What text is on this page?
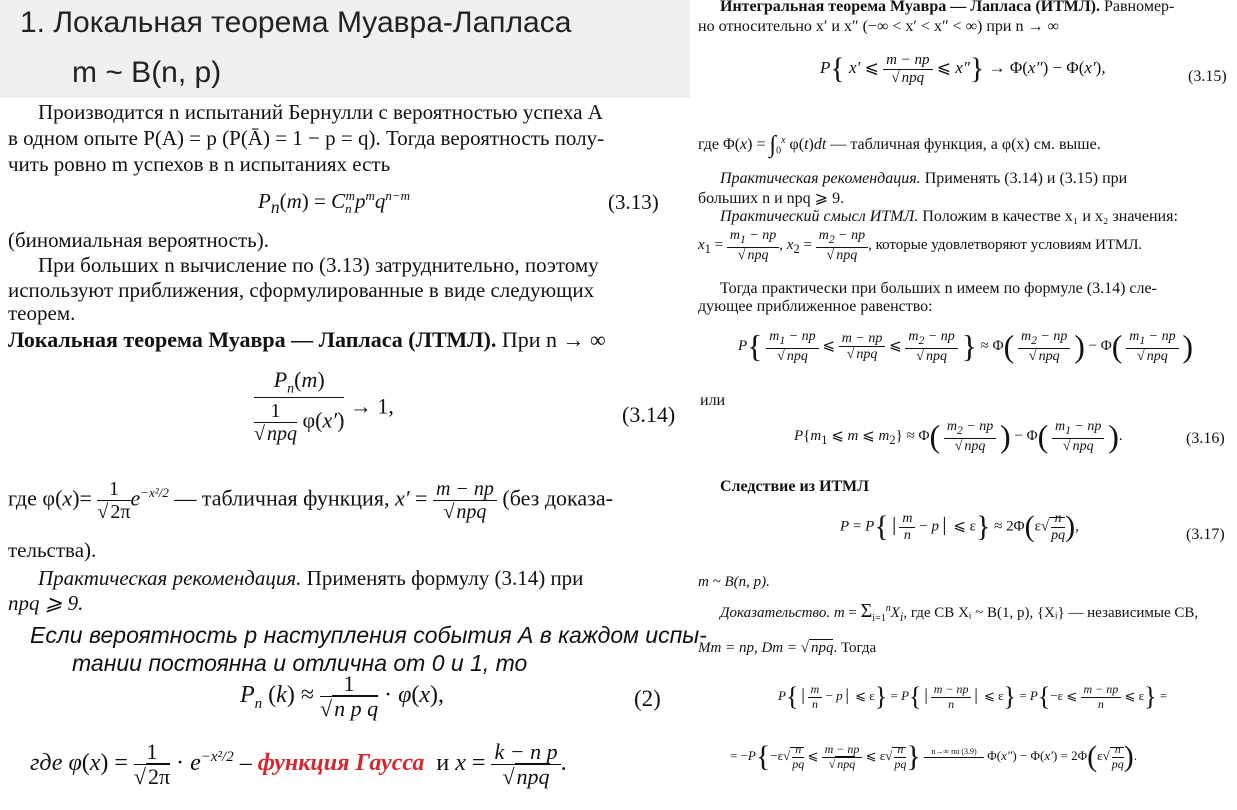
1. Локальная теорема Муавра-Лапласа
m ~ B(n, p)
Производится n испытаний Бернулли с вероятностью успеха A
в одном опыте P(A) = p (P(Ā) = 1 − p = q). Тогда вероятность полу-
чить ровно m успехов в n испытаниях есть
$P_n(m) = C_n^mp^mq^{n-m}$	(3.13)
(биномиальная вероятность).
При больших n вычисление по (3.13) затруднительно, поэтому
используют приближения, сформулированные в виде следующих
теорем.
Локальная теорема Муавра — Лапласа (ЛТМЛ). При n → ∞
$\frac{P_n(m)}{\frac{1}{\text{√ npq}} \varphi(x')} \to 1$,	(3.14)
где $\varphi(x)= \frac{1}{√ 2\pi} e^{-x^2/2}$ — табличная функция, $x' = \frac{m - np}{\text{√ npq}} (без$ доказа-
тельства).
Практическая рекомендация. Применять формулу (3.14) при
npq ⩾ 9.
Если вероятность р наступления события А в каждом испы-
тании постоянна и отлична от 0 и 1, то
$P_n$ $(k) \approx \frac{1}{\text{√n p q}} \cdot \varphi(x)$,	(2)
где $\varphi(x) = \frac{1}{√2\pi} \cdot e^{-x^2/2}$ – функция Гаусса и $x = \frac{\text{k − n p}}{\text{√npq}}$ .
Интегральная теорема Муавра — Лапласа (ИТМЛ). Равномер-
но относительно x′ и x″ (−∞ < x′ < x″ < ∞) при n → ∞
P{ x′ ⩽ $\frac{m - np}{\text{√ npq}}$ ⩽ x″} → Φ(x″) − Φ(x′),	(3.15)
где $\Phi(x) = \int_0^x$ φ(t)dt — табличная функция, а φ(x) см. выше.
Практическая рекомендация. Применять (3.14) и (3.15) при
больших n и npq ⩾ 9.
Практический смысл ИТМЛ. Положим в качестве x₁ и x₂ значения:
$x_1 = \frac{m_1 - np}{\text{√ npq}}$ , $x_2 = \frac{m_2 - np}{\text{√ npq}}$ , которые удовлетворяют условиям ИТМЛ.
Тогда практически при больших n имеем по формуле (3.14) сле-
дующее приближенное равенство:
$P\{ \frac{m_1 - np}{\text{√ npq}}$ ⩽ $\frac{m - np}{\text{√ npq}}$ ⩽ $\frac{m_2 - np}{\text{√ npq}}$ } ≈ $\Phi( \frac{m_2 - np}{\text{√ npq}}$ ) − $\Phi( \frac{m_1 - np}{\text{√ npq}}$ )
или
$P\{m_1$ ⩽ m ⩽ $m_2\} \approx \Phi( \frac{m_2 - np}{\text{√ npq}}$ ) − $\Phi( \frac{m_1 - np}{\text{√ npq}}$ ).	(3.16)
Следствие из ИТМЛ
P = P{│ $\frac{m}{n}$ − p│ ⩽ $\varepsilon\} \approx 2\Phi(\varepsilon√ \frac{n}{pq}$ ),	(3.17)
m ~ B(n, p).
Доказательство. $m = \Sigma_{i=1}^nX_i$, где СВ Xᵢ ~ B(1, p), {Xᵢ} — независимые СВ,
Mm = np, Dm = √ npq. Тогда
P{│ $\frac{m}{n}$ − p│ ⩽ ε} = P{│ $\frac{m - np}{n}$ │ ⩽ ε} = P{−ε ⩽ $\frac{m - np}{n}$ ⩽ ε} =
= $-P\{-\varepsilon√ \frac{n}{pq}$ ⩽ $\frac{m - np}{\text{√ npq}}$ ⩽ $\varepsilon√ \frac{n}{pq}$ }	n→∞ по (3.9)
$\Phi(x'') - \Phi(x') = 2\Phi(\varepsilon√ \frac{n}{pq}$ ).
